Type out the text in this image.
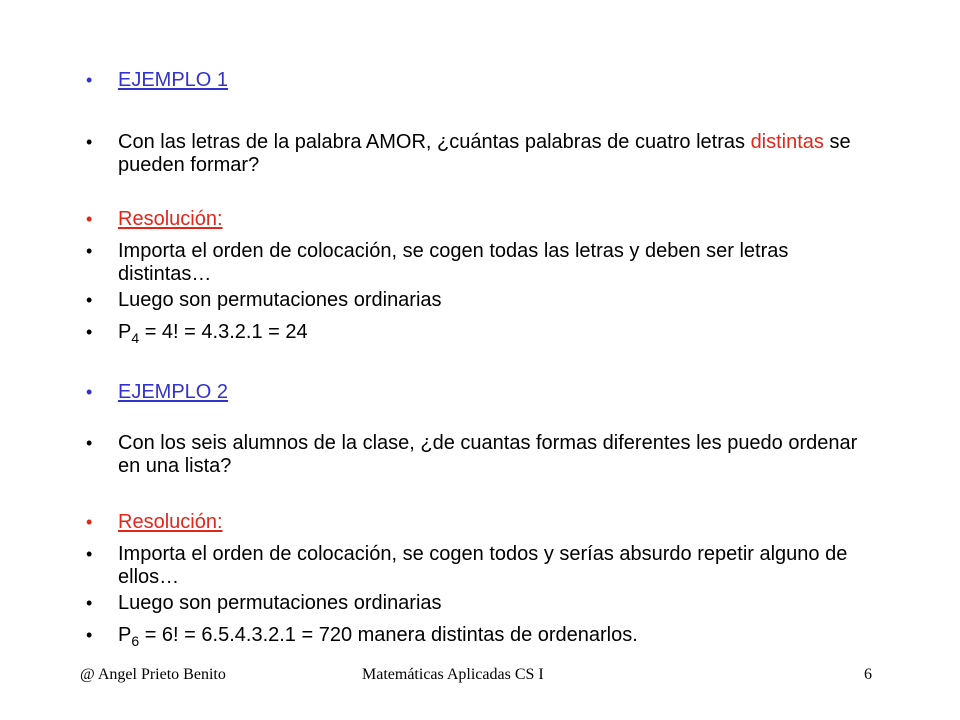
• EJEMPLO 1
• Con las letras de la palabra AMOR, ¿cuántas palabras de cuatro letras distintas se pueden formar?
• Resolución:
• Importa el orden de colocación, se cogen todas las letras y deben ser letras distintas…
• Luego son permutaciones ordinarias
• $P_4 = 4$! = 4.3.2.1 = 24
• EJEMPLO 2
• Con los seis alumnos de la clase, ¿de cuantas formas diferentes les puedo ordenar en una lista?
• Resolución:
• Importa el orden de colocación, se cogen todos y serías absurdo repetir alguno de ellos…
• Luego son permutaciones ordinarias
• $P_6 = 6$! = 6.5.4.3.2.1 = 720 manera distintas de ordenarlos.
@ Angel Prieto Benito	Matemáticas Aplicadas CS I	6
